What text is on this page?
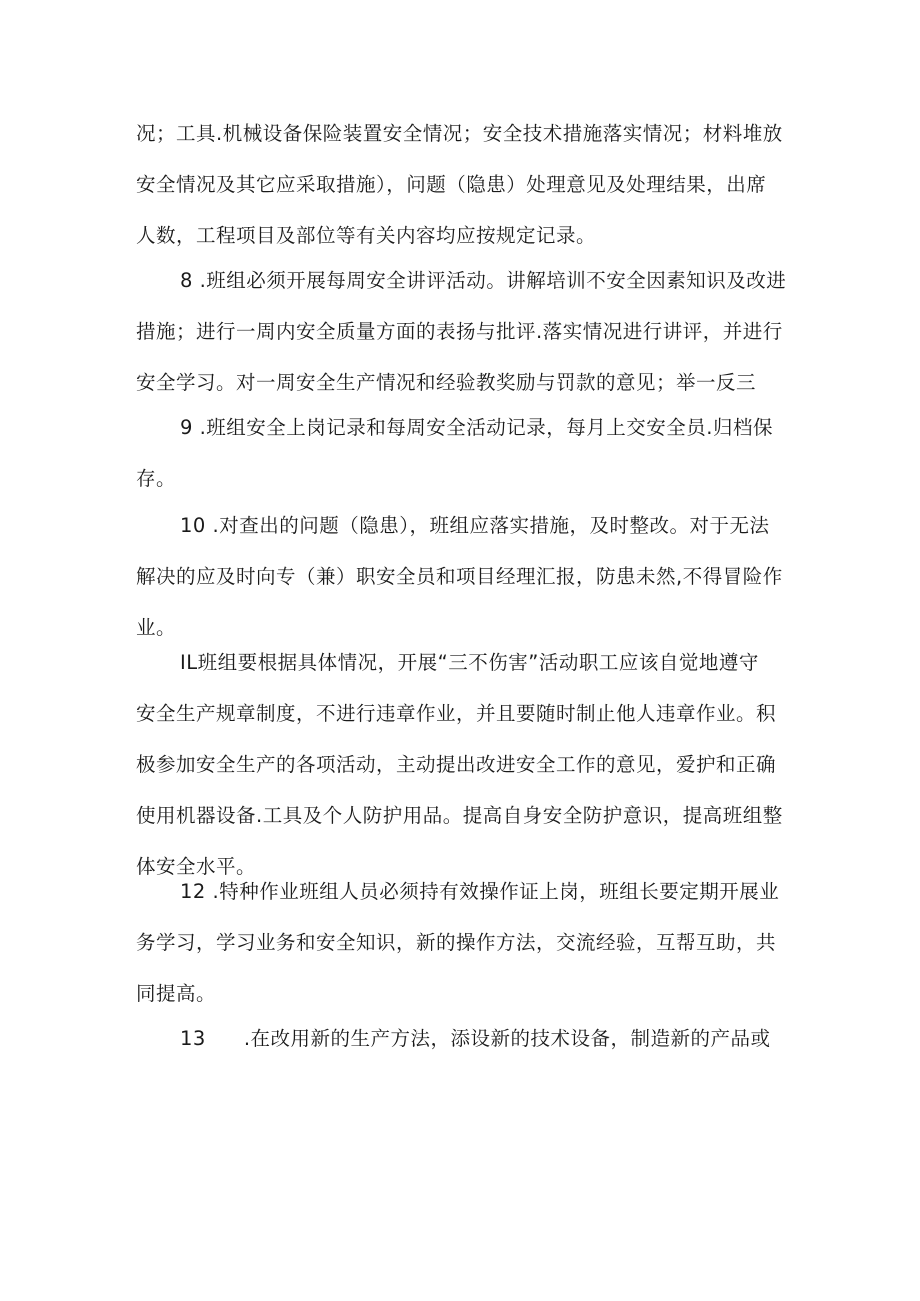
况；工具.机械设备保险装置安全情况；安全技术措施落实情况；材料堆放
安全情况及其它应采取措施），问题（隐患）处理意见及处理结果，出席
人数，工程项目及部位等有关内容均应按规定记录。
8 .班组必须开展每周安全讲评活动。讲解培训不安全因素知识及改进
措施；进行一周内安全质量方面的表扬与批评.落实情况进行讲评，并进行
安全学习。对一周安全生产情况和经验教奖励与罚款的意见；举一反三
9 .班组安全上岗记录和每周安全活动记录，每月上交安全员.归档保
存。
10 .对查出的问题（隐患），班组应落实措施，及时整改。对于无法
解决的应及时向专（兼）职安全员和项目经理汇报，防患未然,不得冒险作
业。
IL班组要根据具体情况，开展“三不伤害”活动职工应该自觉地遵守
安全生产规章制度，不进行违章作业，并且要随时制止他人违章作业。积
极参加安全生产的各项活动，主动提出改进安全工作的意见，爱护和正确
使用机器设备.工具及个人防护用品。提高自身安全防护意识，提高班组整
体安全水平。
12 .特种作业班组人员必须持有效操作证上岗，班组长要定期开展业
务学习，学习业务和安全知识，新的操作方法，交流经验，互帮互助，共
同提高。
13 .在改用新的生产方法，添设新的技术设备，制造新的产品或
